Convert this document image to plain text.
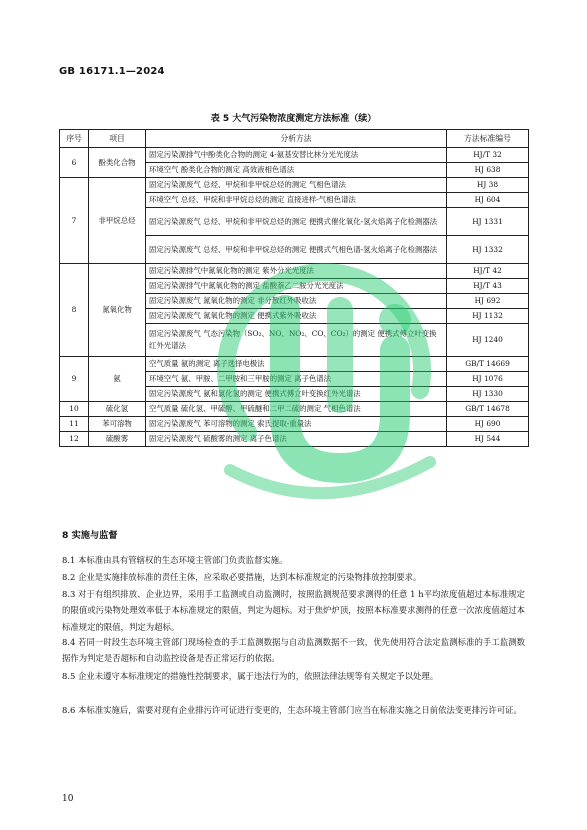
GB 16171.1—2024
表 5 大气污染物浓度测定方法标准（续）
序号	项目	分析方法	方法标准编号
6	酚类化合物	固定污染源排气中酚类化合物的测定 4-氨基安替比林分光光度法	HJ/T 32
		环境空气 酚类化合物的测定 高效液相色谱法	HJ 638
7	非甲烷总烃	固定污染源废气 总烃、甲烷和非甲烷总烃的测定 气相色谱法	HJ 38
		环境空气 总烃、甲烷和非甲烷总烃的测定 直接进样-气相色谱法	HJ 604
		固定污染源废气 总烃、甲烷和非甲烷总烃的测定 便携式催化氧化-氢火焰离子化检测器法	HJ 1331
		固定污染源废气 总烃、甲烷和非甲烷总烃的测定 便携式气相色谱-氢火焰离子化检测器法	HJ 1332
8	氮氧化物	固定污染源排气中氮氧化物的测定 紫外分光光度法	HJ/T 42
		固定污染源排气中氮氧化物的测定 盐酸萘乙二胺分光光度法	HJ/T 43
		固定污染源废气 氮氧化物的测定 非分散红外吸收法	HJ 692
		固定污染源废气 氮氧化物的测定 便携式紫外吸收法	HJ 1132
		固定污染源废气 气态污染物（SO₂、NO、NO₂、CO、CO₂）的测定 便携式傅立叶变换红外光谱法	HJ 1240
9	氨	空气质量 氨的测定 离子选择电极法	GB/T 14669
		环境空气 氨、甲胺、二甲胺和三甲胺的测定 离子色谱法	HJ 1076
		固定污染源废气 氨和氯化氢的测定 便携式傅立叶变换红外光谱法	HJ 1330
10	硫化氢	空气质量 硫化氢、甲硫醇、甲硫醚和二甲二硫的测定 气相色谱法	GB/T 14678
11	苯可溶物	固定污染源废气 苯可溶物的测定 索氏提取-重量法	HJ 690
12	硫酸雾	固定污染源废气 硫酸雾的测定 离子色谱法	HJ 544
8 实施与监督
8.1 本标准由具有管辖权的生态环境主管部门负责监督实施。
8.2 企业是实施排放标准的责任主体，应采取必要措施，达到本标准规定的污染物排放控制要求。
8.3 对于有组织排放、企业边界，采用手工监测或自动监测时，按照监测规范要求测得的任意 1 h平均浓度值超过本标准规定的限值或污染物处理效率低于本标准规定的限值，判定为超标。对于焦炉炉顶，按照本标准要求测得的任意一次浓度值超过本标准规定的限值，判定为超标。
8.4 若同一时段生态环境主管部门现场检查的手工监测数据与自动监测数据不一致，优先使用符合法定监测标准的手工监测数据作为判定是否超标和自动监控设备是否正常运行的依据。
8.5 企业未遵守本标准规定的措施性控制要求，属于违法行为的，依照法律法规等有关规定予以处理。
8.6 本标准实施后，需要对现有企业排污许可证进行变更的，生态环境主管部门应当在标准实施之日前依法变更排污许可证。
10
